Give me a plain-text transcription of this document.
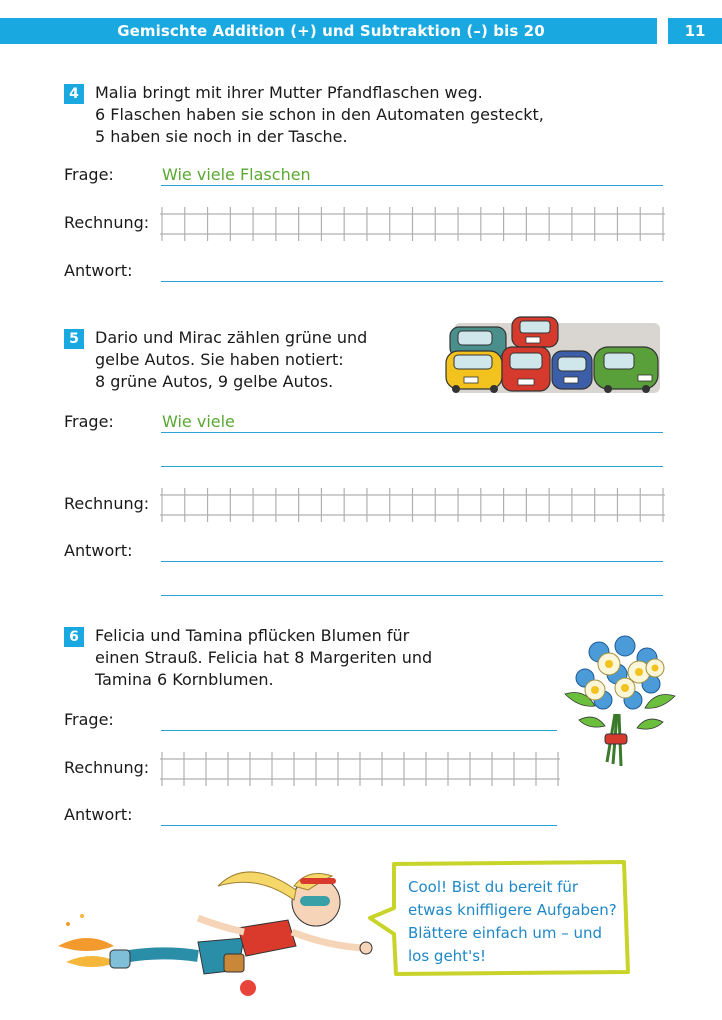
Gemischte Addition (+) und Subtraktion (–) bis 20	11
4	Malia bringt mit ihrer Mutter Pfandflaschen weg.
6 Flaschen haben sie schon in den Automaten gesteckt,
5 haben sie noch in der Tasche.
Frage:	Wie viele Flaschen
Rechnung:
Antwort:
5	Dario und Mirac zählen grüne und
gelbe Autos. Sie haben notiert:
8 grüne Autos, 9 gelbe Autos.
Frage:	Wie viele
Rechnung:
Antwort:
6	Felicia und Tamina pflücken Blumen für
einen Strauß. Felicia hat 8 Margeriten und
Tamina 6 Kornblumen.
Frage:
Rechnung:
Antwort:
Cool! Bist du bereit für
etwas kniffligere Aufgaben?
Blättere einfach um – und
los geht's!
